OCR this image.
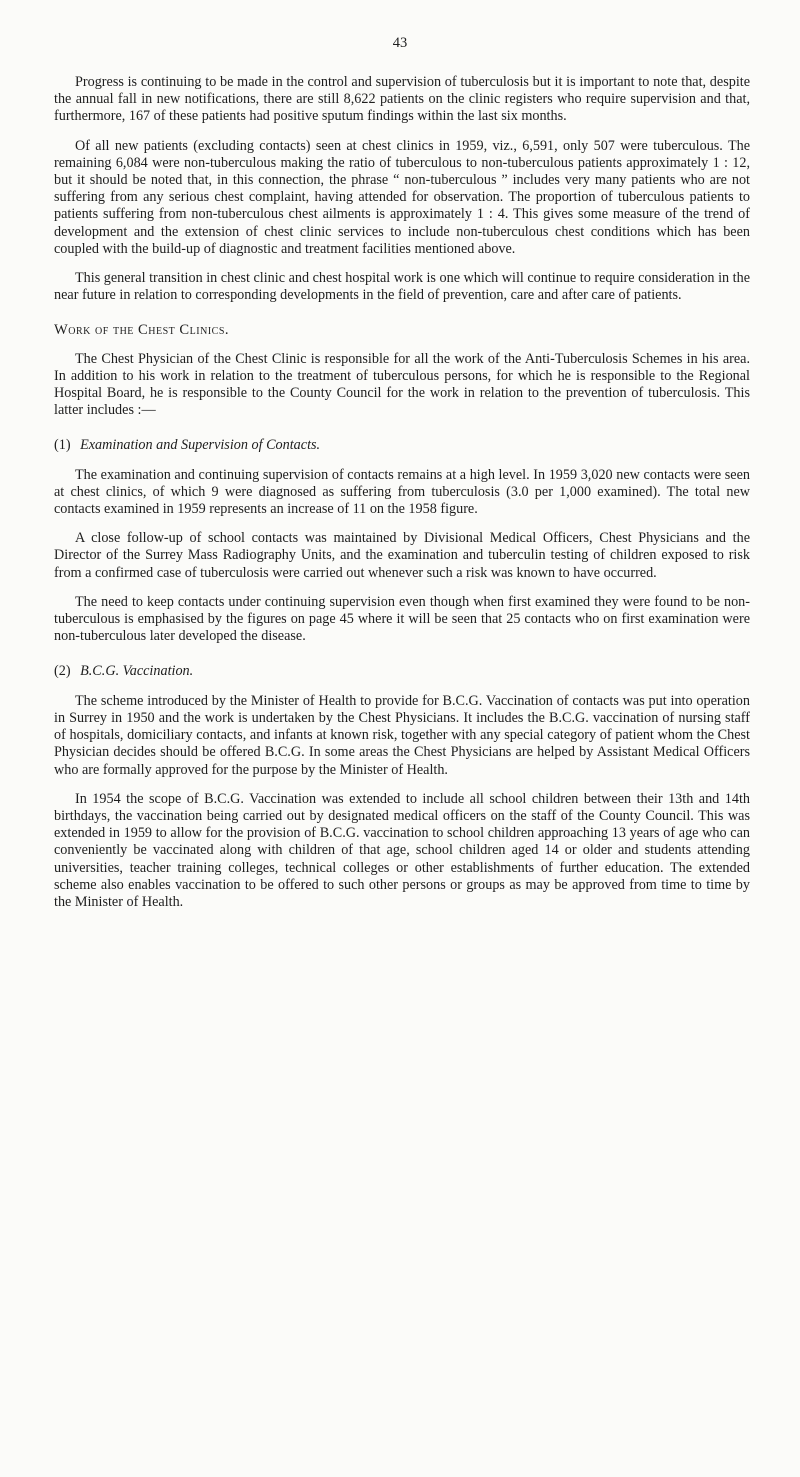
43

Progress is continuing to be made in the control and supervision of tuberculosis but it is important to note that, despite the annual fall in new notifications, there are still 8,622 patients on the clinic registers who require supervision and that, furthermore, 167 of these patients had positive sputum findings within the last six months.

Of all new patients (excluding contacts) seen at chest clinics in 1959, viz., 6,591, only 507 were tuberculous. The remaining 6,084 were non-tuberculous making the ratio of tuberculous to non-tuberculous patients approximately 1 : 12, but it should be noted that, in this connection, the phrase “ non-tuberculous ” includes very many patients who are not suffering from any serious chest complaint, having attended for observation. The proportion of tuberculous patients to patients suffering from non-tuberculous chest ailments is approximately 1 : 4. This gives some measure of the trend of development and the extension of chest clinic services to include non-tuberculous chest conditions which has been coupled with the build-up of diagnostic and treatment facilities mentioned above.

This general transition in chest clinic and chest hospital work is one which will continue to require consideration in the near future in relation to corresponding developments in the field of prevention, care and after care of patients.

Work of the Chest Clinics.

The Chest Physician of the Chest Clinic is responsible for all the work of the Anti-Tuberculosis Schemes in his area. In addition to his work in relation to the treatment of tuberculous persons, for which he is responsible to the Regional Hospital Board, he is responsible to the County Council for the work in relation to the prevention of tuberculosis. This latter includes :—

(1) Examination and Supervision of Contacts.

The examination and continuing supervision of contacts remains at a high level. In 1959 3,020 new contacts were seen at chest clinics, of which 9 were diagnosed as suffering from tuberculosis (3.0 per 1,000 examined). The total new contacts examined in 1959 represents an increase of 11 on the 1958 figure.

A close follow-up of school contacts was maintained by Divisional Medical Officers, Chest Physicians and the Director of the Surrey Mass Radiography Units, and the examination and tuberculin testing of children exposed to risk from a confirmed case of tuberculosis were carried out whenever such a risk was known to have occurred.

The need to keep contacts under continuing supervision even though when first examined they were found to be non-tuberculous is emphasised by the figures on page 45 where it will be seen that 25 contacts who on first examination were non-tuberculous later developed the disease.

(2) B.C.G. Vaccination.

The scheme introduced by the Minister of Health to provide for B.C.G. Vaccination of contacts was put into operation in Surrey in 1950 and the work is undertaken by the Chest Physicians. It includes the B.C.G. vaccination of nursing staff of hospitals, domiciliary contacts, and infants at known risk, together with any special category of patient whom the Chest Physician decides should be offered B.C.G. In some areas the Chest Physicians are helped by Assistant Medical Officers who are formally approved for the purpose by the Minister of Health.

In 1954 the scope of B.C.G. Vaccination was extended to include all school children between their 13th and 14th birthdays, the vaccination being carried out by designated medical officers on the staff of the County Council. This was extended in 1959 to allow for the provision of B.C.G. vaccination to school children approaching 13 years of age who can conveniently be vaccinated along with children of that age, school children aged 14 or older and students attending universities, teacher training colleges, technical colleges or other establishments of further education. The extended scheme also enables vaccination to be offered to such other persons or groups as may be approved from time to time by the Minister of Health.
